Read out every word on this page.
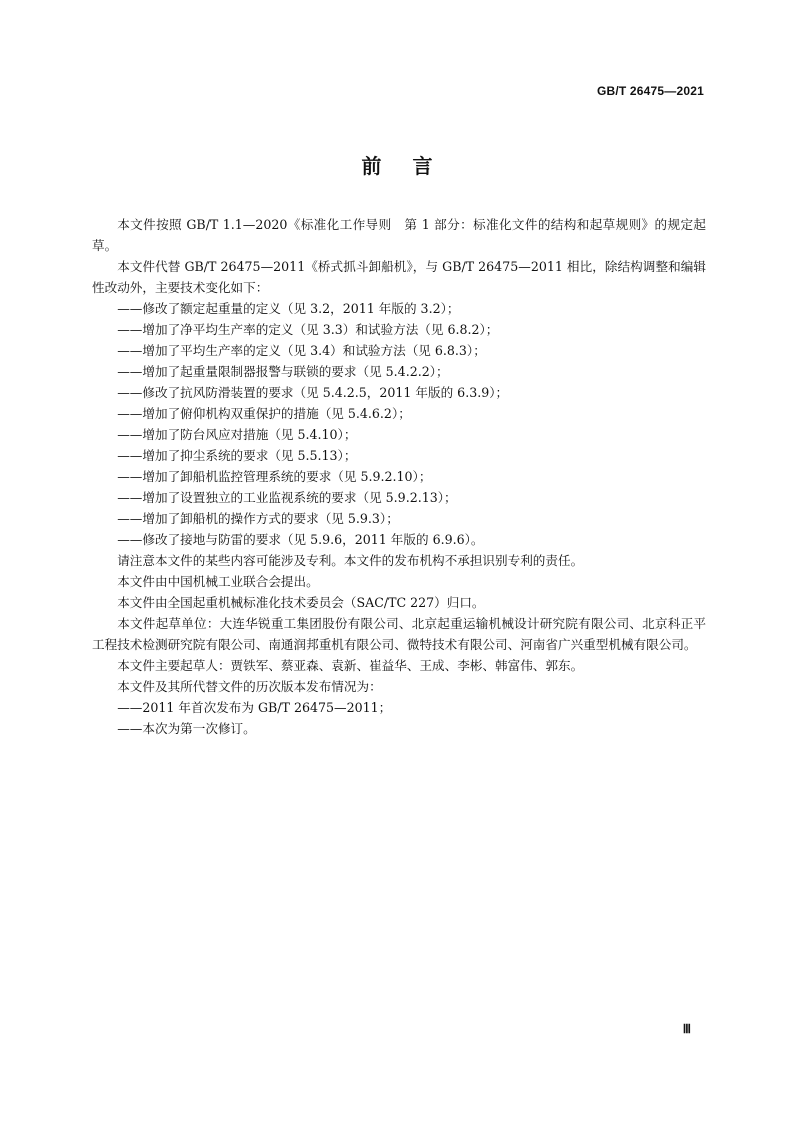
GB/T 26475—2021
前 言

本文件按照 GB/T 1.1—2020《标准化工作导则　第 1 部分：标准化文件的结构和起草规则》的规定起草。

本文件代替 GB/T 26475—2011《桥式抓斗卸船机》，与 GB/T 26475—2011 相比，除结构调整和编辑性改动外，主要技术变化如下：

——修改了额定起重量的定义（见 3.2，2011 年版的 3.2）；

——增加了净平均生产率的定义（见 3.3）和试验方法（见 6.8.2）；

——增加了平均生产率的定义（见 3.4）和试验方法（见 6.8.3）；

——增加了起重量限制器报警与联锁的要求（见 5.4.2.2）；

——修改了抗风防滑装置的要求（见 5.4.2.5，2011 年版的 6.3.9）；

——增加了俯仰机构双重保护的措施（见 5.4.6.2）；

——增加了防台风应对措施（见 5.4.10）；

——增加了抑尘系统的要求（见 5.5.13）；

——增加了卸船机监控管理系统的要求（见 5.9.2.10）；

——增加了设置独立的工业监视系统的要求（见 5.9.2.13）；

——增加了卸船机的操作方式的要求（见 5.9.3）；

——修改了接地与防雷的要求（见 5.9.6，2011 年版的 6.9.6）。

请注意本文件的某些内容可能涉及专利。本文件的发布机构不承担识别专利的责任。

本文件由中国机械工业联合会提出。

本文件由全国起重机械标准化技术委员会（SAC/TC 227）归口。

本文件起草单位：大连华锐重工集团股份有限公司、北京起重运输机械设计研究院有限公司、北京科正平工程技术检测研究院有限公司、南通润邦重机有限公司、微特技术有限公司、河南省广兴重型机械有限公司。

本文件主要起草人：贾铁军、蔡亚森、袁新、崔益华、王成、李彬、韩富伟、郭东。

本文件及其所代替文件的历次版本发布情况为：

——2011 年首次发布为 GB/T 26475—2011；

——本次为第一次修订。

Ⅲ
